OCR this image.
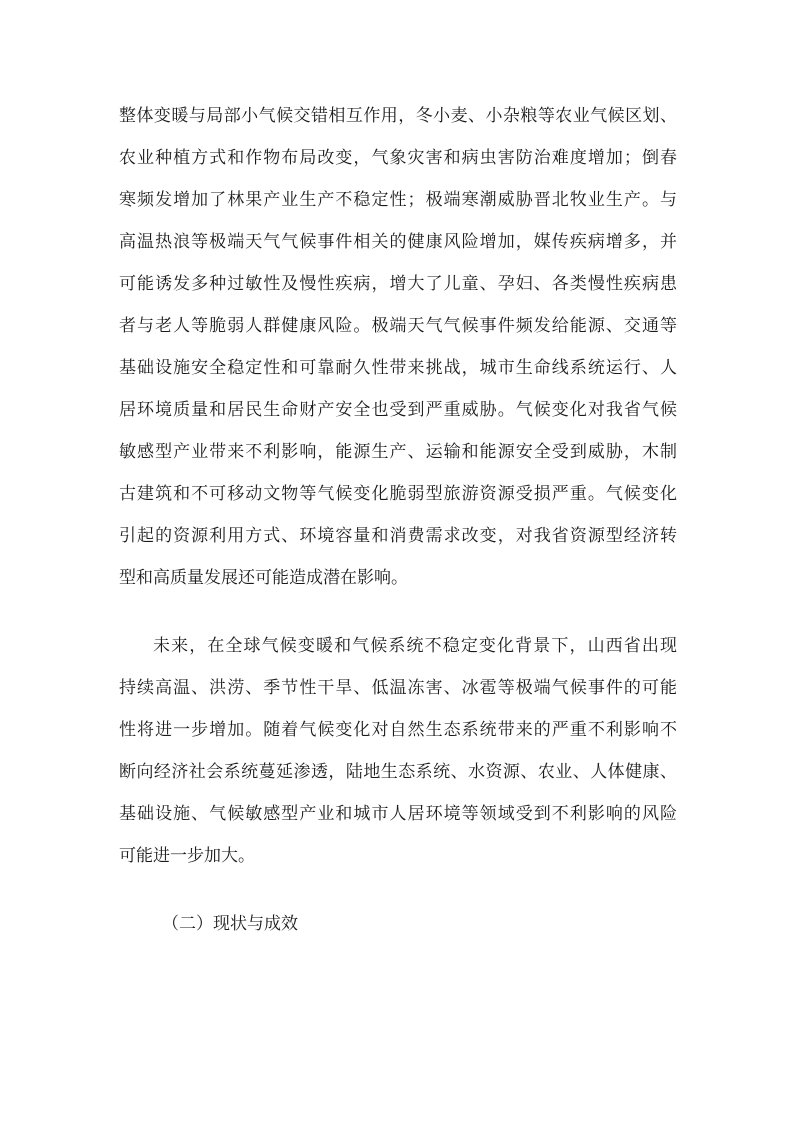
整体变暖与局部小气候交错相互作用，冬小麦、小杂粮等农业气候区划、

农业种植方式和作物布局改变，气象灾害和病虫害防治难度增加；倒春

寒频发增加了林果产业生产不稳定性；极端寒潮威胁晋北牧业生产。与

高温热浪等极端天气气候事件相关的健康风险增加，媒传疾病增多，并

可能诱发多种过敏性及慢性疾病，增大了儿童、孕妇、各类慢性疾病患

者与老人等脆弱人群健康风险。极端天气气候事件频发给能源、交通等

基础设施安全稳定性和可靠耐久性带来挑战，城市生命线系统运行、人

居环境质量和居民生命财产安全也受到严重威胁。气候变化对我省气候

敏感型产业带来不利影响，能源生产、运输和能源安全受到威胁，木制

古建筑和不可移动文物等气候变化脆弱型旅游资源受损严重。气候变化

引起的资源利用方式、环境容量和消费需求改变，对我省资源型经济转

型和高质量发展还可能造成潜在影响。

未来，在全球气候变暖和气候系统不稳定变化背景下，山西省出现

持续高温、洪涝、季节性干旱、低温冻害、冰雹等极端气候事件的可能

性将进一步增加。随着气候变化对自然生态系统带来的严重不利影响不

断向经济社会系统蔓延渗透，陆地生态系统、水资源、农业、人体健康、

基础设施、气候敏感型产业和城市人居环境等领域受到不利影响的风险

可能进一步加大。

（二）现状与成效
